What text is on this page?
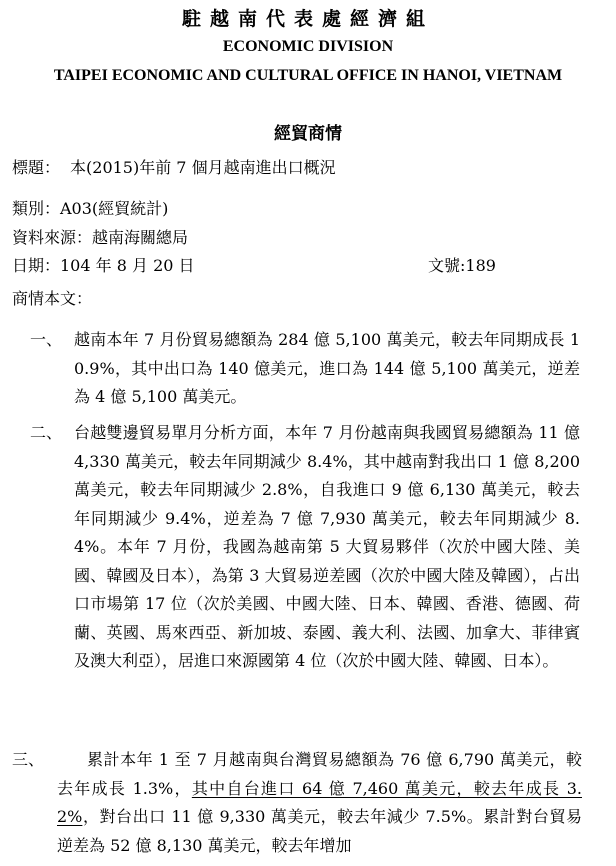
駐越南代表處經濟組
ECONOMIC DIVISION
TAIPEI ECONOMIC AND CULTURAL OFFICE IN HANOI, VIETNAM
經貿商情
標題： 本(2015)年前 7 個月越南進出口概況
類別：A03(經貿統計)
資料來源：越南海關總局
日期：104 年 8 月 20 日	文號:189
商情本文：
一、 越南本年 7 月份貿易總額為 284 億 5,100 萬美元，較去年同期成長 10.9%，其中出口為 140 億美元，進口為 144 億 5,100 萬美元，逆差為 4 億 5,100 萬美元。
二、 台越雙邊貿易單月分析方面，本年 7 月份越南與我國貿易總額為 11 億 4,330 萬美元，較去年同期減少 8.4%，其中越南對我出口 1 億 8,200 萬美元，較去年同期減少 2.8%，自我進口 9 億 6,130 萬美元，較去年同期減少 9.4%，逆差為 7 億 7,930 萬美元，較去年同期減少 8.4%。本年 7 月份，我國為越南第 5 大貿易夥伴（次於中國大陸、美國、韓國及日本），為第 3 大貿易逆差國（次於中國大陸及韓國），占出口市場第 17 位（次於美國、中國大陸、日本、韓國、香港、德國、荷蘭、英國、馬來西亞、新加坡、泰國、義大利、法國、加拿大、菲律賓及澳大利亞），居進口來源國第 4 位（次於中國大陸、韓國、日本）。
三、	累計本年 1 至 7 月越南與台灣貿易總額為 76 億 6,790 萬美元，較去年成長 1.3%，其中自台進口 64 億 7,460 萬美元，較去年成長 3.2%，對台出口 11 億 9,330 萬美元，較去年減少 7.5%。累計對台貿易逆差為 52 億 8,130 萬美元，較去年增加
